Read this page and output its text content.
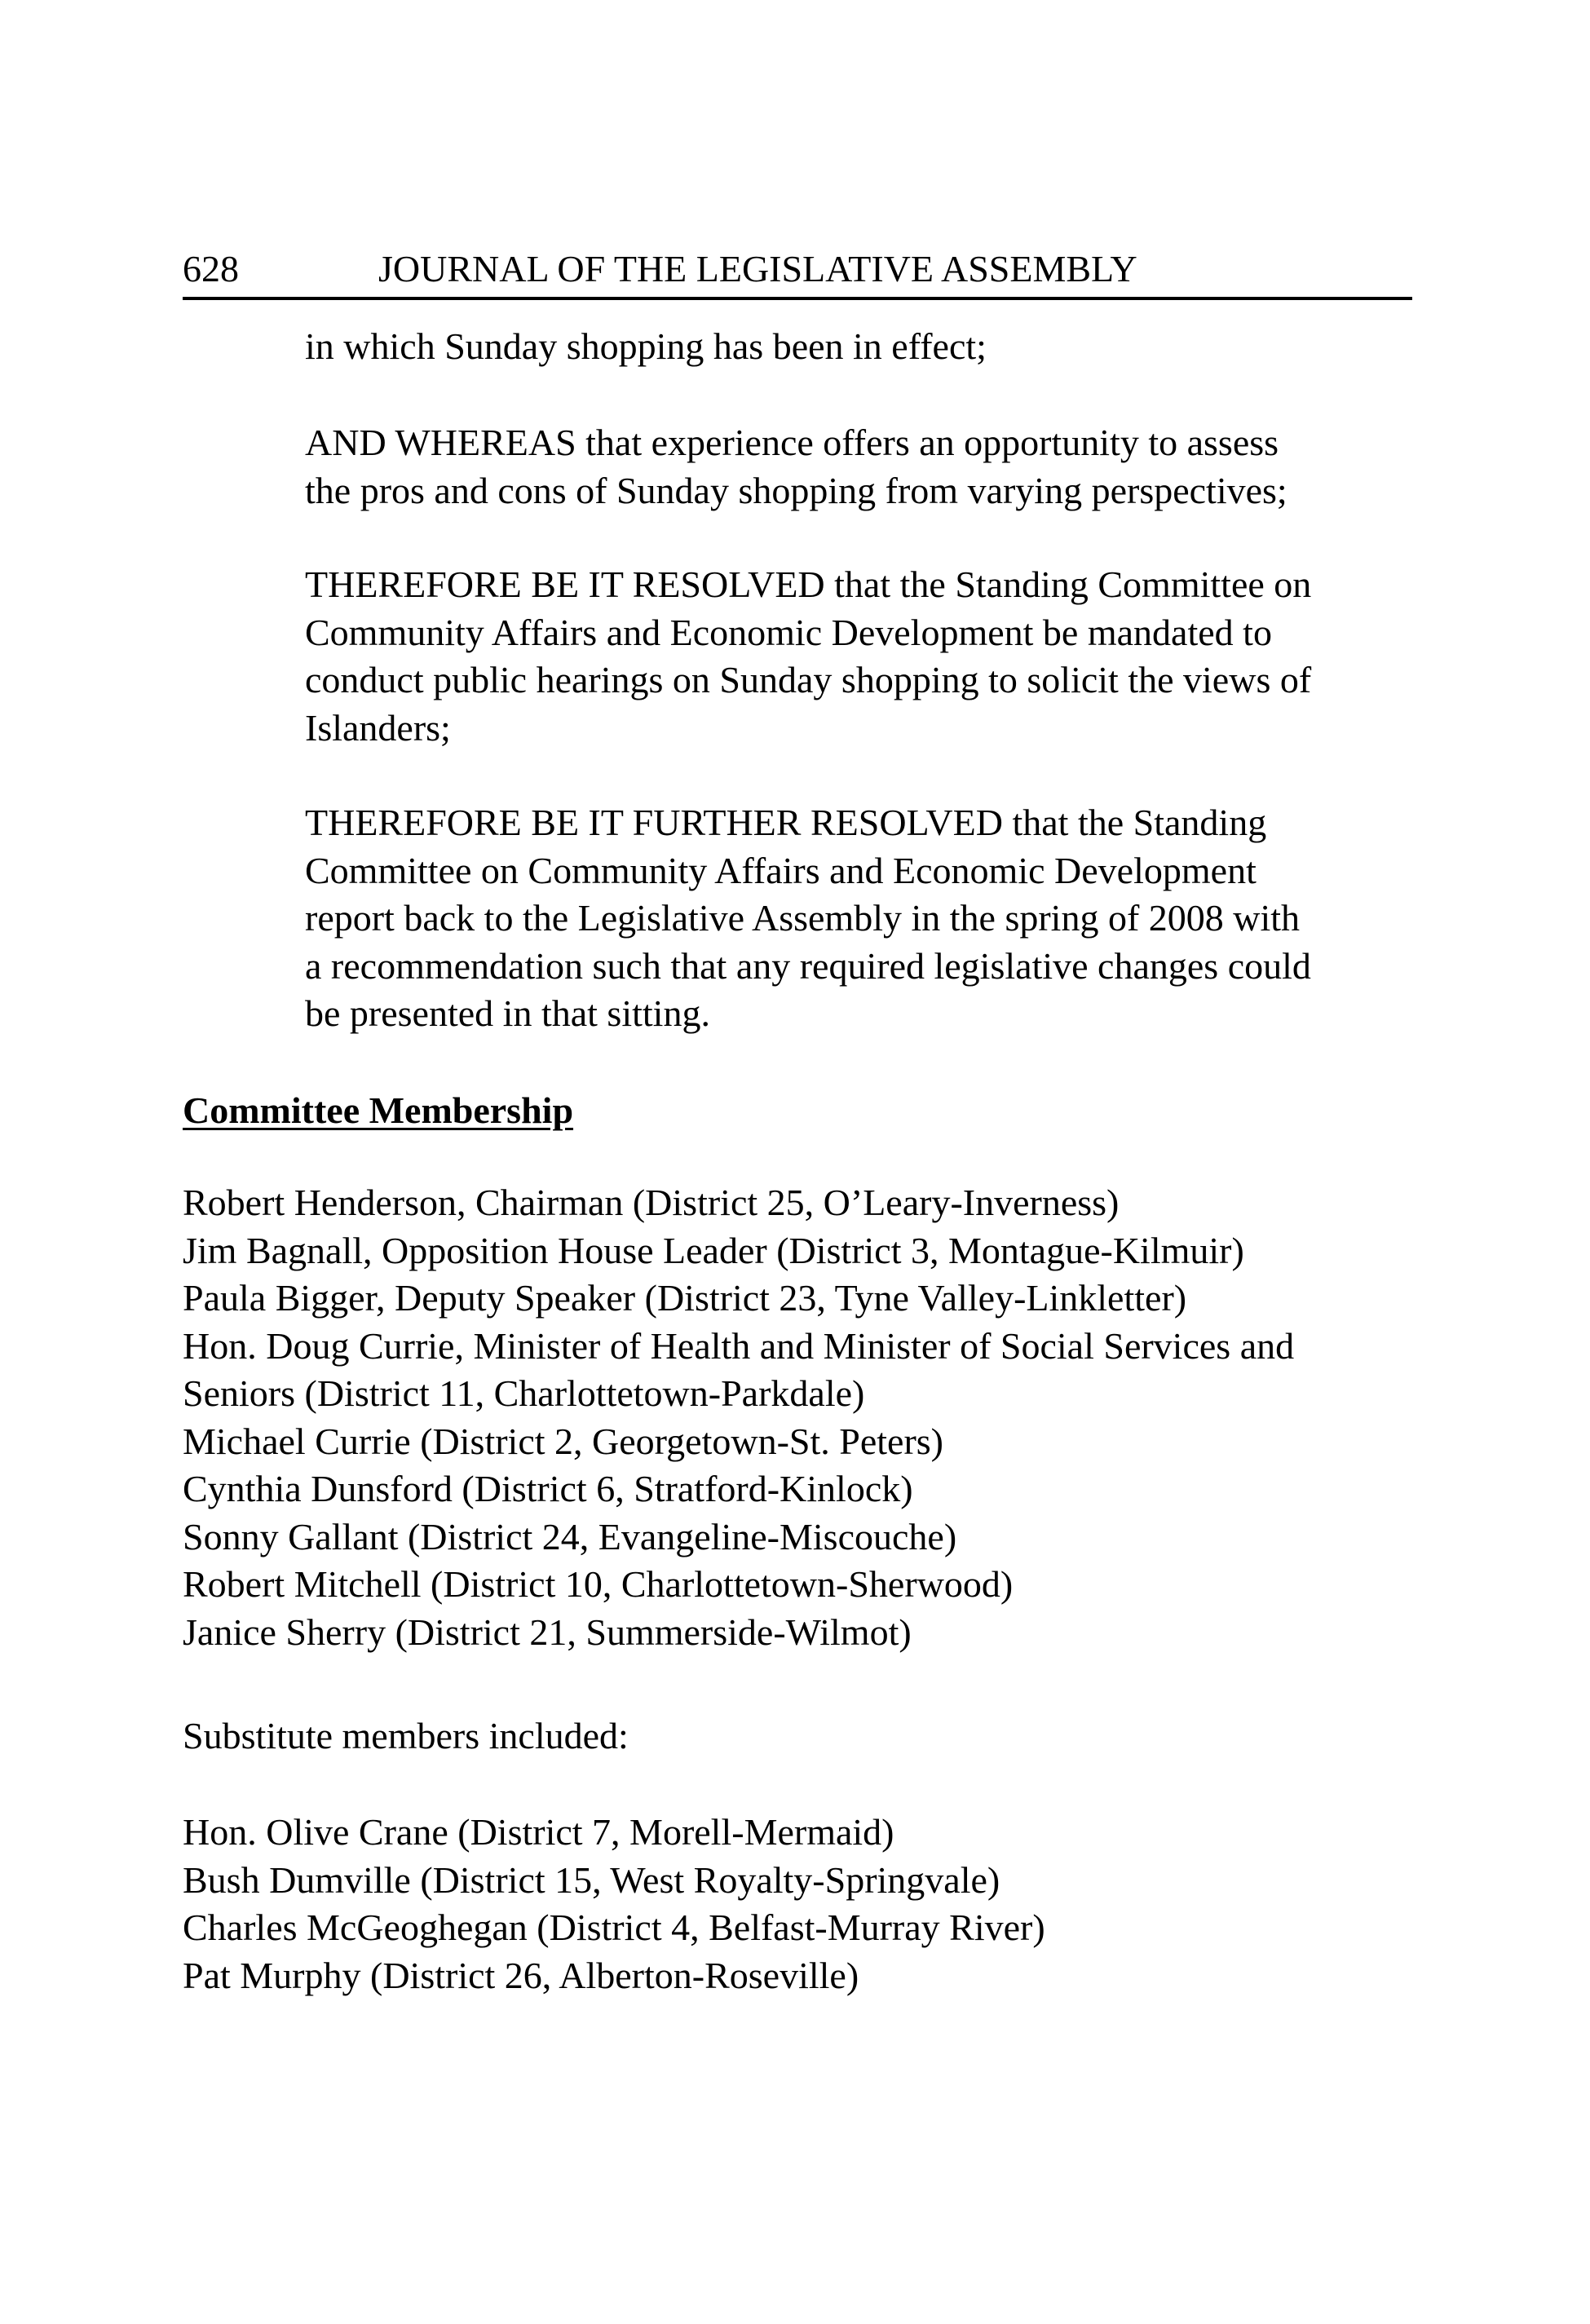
628	JOURNAL OF THE LEGISLATIVE ASSEMBLY

in which Sunday shopping has been in effect;

AND WHEREAS that experience offers an opportunity to assess
the pros and cons of Sunday shopping from varying perspectives;

THEREFORE BE IT RESOLVED that the Standing Committee on
Community Affairs and Economic Development be mandated to
conduct public hearings on Sunday shopping to solicit the views of
Islanders;

THEREFORE BE IT FURTHER RESOLVED that the Standing
Committee on Community Affairs and Economic Development
report back to the Legislative Assembly in the spring of 2008 with
a recommendation such that any required legislative changes could
be presented in that sitting.

Committee Membership
Robert Henderson, Chairman (District 25, O’Leary-Inverness)
Jim Bagnall, Opposition House Leader (District 3, Montague-Kilmuir)
Paula Bigger, Deputy Speaker (District 23, Tyne Valley-Linkletter)
Hon. Doug Currie, Minister of Health and Minister of Social Services and
Seniors (District 11, Charlottetown-Parkdale)
Michael Currie (District 2, Georgetown-St. Peters)
Cynthia Dunsford (District 6, Stratford-Kinlock)
Sonny Gallant (District 24, Evangeline-Miscouche)
Robert Mitchell (District 10, Charlottetown-Sherwood)
Janice Sherry (District 21, Summerside-Wilmot)
Substitute members included:
Hon. Olive Crane (District 7, Morell-Mermaid)
Bush Dumville (District 15, West Royalty-Springvale)
Charles McGeoghegan (District 4, Belfast-Murray River)
Pat Murphy (District 26, Alberton-Roseville)
